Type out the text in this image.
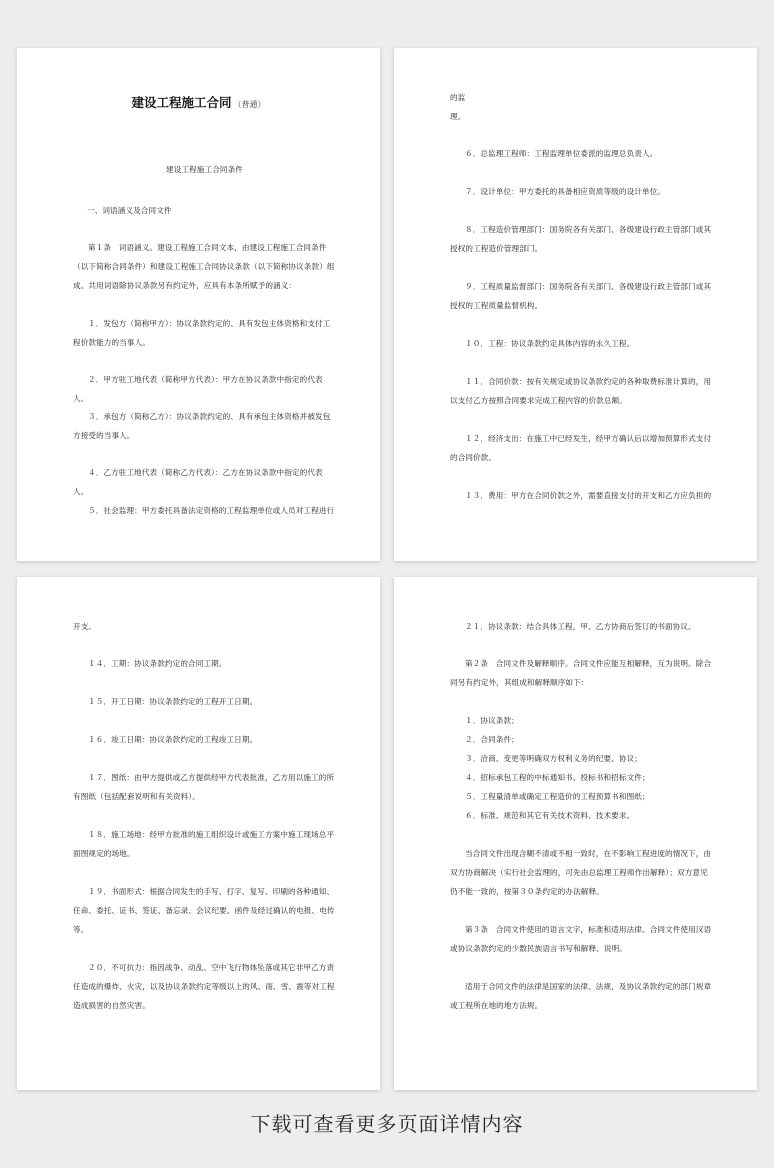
建设工程施工合同 （普通）
建设工程施工合同条件
一、词语涵义及合同文件
第１条　词语涵义。建设工程施工合同文本，由建设工程施工合同条件（以下简称合同条件）和建设工程施工合同协议条款（以下简称协议条款）组成。共用词语除协议条款另有约定外，应具有本条所赋予的涵义：
１．发包方（简称甲方）：协议条款约定的、具有发包主体资格和支付工程价款能力的当事人。
２．甲方驻工地代表（简称甲方代表）：甲方在协议条款中指定的代表人。
３．承包方（简称乙方）：协议条款约定的、具有承包主体资格并被发包方接受的当事人。
４．乙方驻工地代表（简称乙方代表）：乙方在协议条款中指定的代表人。
５．社会监理：甲方委托具备法定资格的工程监理单位或人员对工程进行
的监
理。
６．总监理工程师：工程监理单位委派的监理总负责人。
７．设计单位：甲方委托的具备相应资质等级的设计单位。
８．工程造价管理部门：国务院各有关部门、各级建设行政主管部门或其授权的工程造价管理部门。
９．工程质量监督部门：国务院各有关部门、各级建设行政主管部门或其授权的工程质量监督机构。
１０．工程：协议条款约定具体内容的永久工程。
１１．合同价款：按有关规定或协议条款约定的各种取费标准计算的，用以支付乙方按照合同要求完成工程内容的价款总额。
１２．经济支出：在施工中已经发生，经甲方确认后以增加预算形式支付的合同价款。
１３．费用：甲方在合同价款之外，需要直接支付的开支和乙方应负担的
开支。
１４．工期：协议条款约定的合同工期。
１５．开工日期：协议条款约定的工程开工日期。
１６．竣工日期：协议条款约定的工程竣工日期。
１７．图纸：由甲方提供或乙方提供经甲方代表批准，乙方用以施工的所有图纸（包括配套说明和有关资料）。
１８．施工场地：经甲方批准的施工组织设计或施工方案中施工现场总平面图规定的场地。
１９．书面形式：根据合同发生的手写、打字、复写、印刷的各种通知、任命、委托、证书、签证、备忘录、会议纪要、函件及经过确认的电报、电传等。
２０．不可抗力：指因战争、动乱、空中飞行物体坠落或其它非甲乙方责任造成的爆炸、火灾，以及协议条款约定等级以上的风、雨、雪、震等对工程造成损害的自然灾害。
２１．协议条款：结合具体工程，甲、乙方协商后签订的书面协议。
第２条　合同文件及解释顺序。合同文件应能互相解释，互为说明。除合同另有约定外，其组成和解释顺序如下：
１．协议条款；
２．合同条件；
３．洽商、变更等明确双方权利义务的纪要、协议；
４．招标承包工程的中标通知书、投标书和招标文件；
５．工程量清单或确定工程造价的工程预算书和图纸；
６．标准、规范和其它有关技术资料、技术要求。
当合同文件出现含糊不清或不相一致时，在不影响工程进度的情况下，由双方协商解决（实行社会监理的，可先由总监理工程师作出解释）；双方意见仍不能一致的，按第３０条约定的办法解释。
第３条　合同文件使用的语言文字，标准和适用法律。合同文件使用汉语或协议条款约定的少数民族语言书写和解释、说明。
适用于合同文件的法律是国家的法律、法规，及协议条款约定的部门规章或工程所在地的地方法规。
下载可查看更多页面详情内容
